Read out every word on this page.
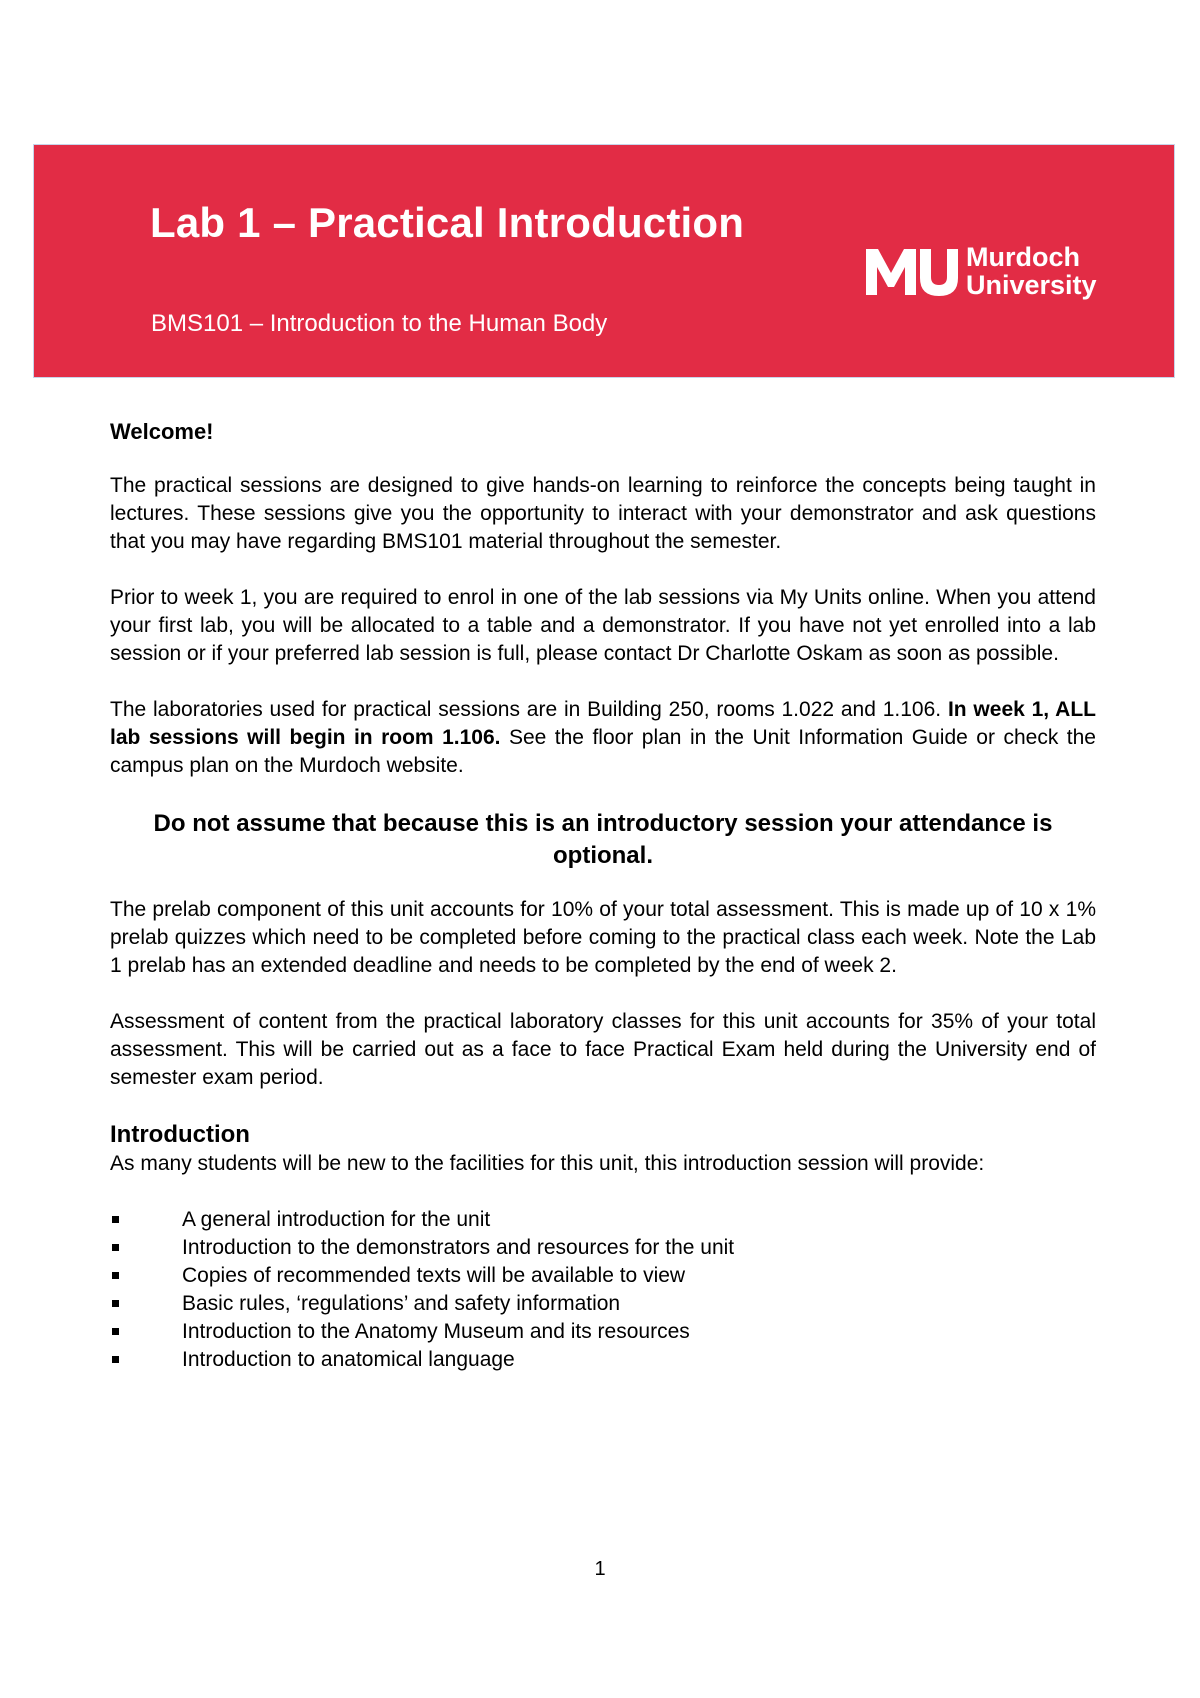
Lab 1 – Practical Introduction

BMS101 – Introduction to the Human Body

Murdoch
University

Welcome!

The practical sessions are designed to give hands-on learning to reinforce the concepts being taught in lectures. These sessions give you the opportunity to interact with your demonstrator and ask questions that you may have regarding BMS101 material throughout the semester.

Prior to week 1, you are required to enrol in one of the lab sessions via My Units online. When you attend your first lab, you will be allocated to a table and a demonstrator. If you have not yet enrolled into a lab session or if your preferred lab session is full, please contact Dr Charlotte Oskam as soon as possible.

The laboratories used for practical sessions are in Building 250, rooms 1.022 and 1.106. In week 1, ALL lab sessions will begin in room 1.106. See the floor plan in the Unit Information Guide or check the campus plan on the Murdoch website.

Do not assume that because this is an introductory session your attendance is optional.

The prelab component of this unit accounts for 10% of your total assessment. This is made up of 10 x 1% prelab quizzes which need to be completed before coming to the practical class each week. Note the Lab 1 prelab has an extended deadline and needs to be completed by the end of week 2.

Assessment of content from the practical laboratory classes for this unit accounts for 35% of your total assessment. This will be carried out as a face to face Practical Exam held during the University end of semester exam period.

Introduction

As many students will be new to the facilities for this unit, this introduction session will provide:

A general introduction for the unit
Introduction to the demonstrators and resources for the unit
Copies of recommended texts will be available to view
Basic rules, ‘regulations’ and safety information
Introduction to the Anatomy Museum and its resources
Introduction to anatomical language
1
